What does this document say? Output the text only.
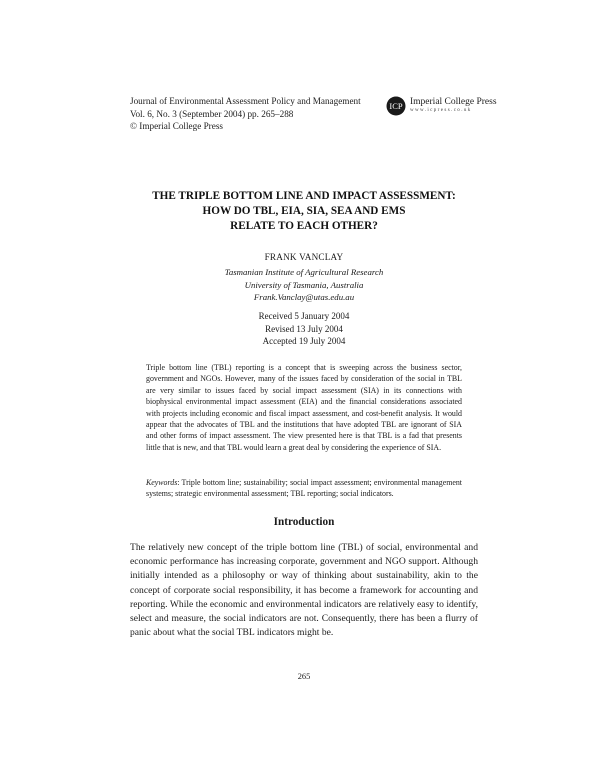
Journal of Environmental Assessment Policy and Management
Vol. 6, No. 3 (September 2004) pp. 265–288
© Imperial College Press
ICP Imperial College Press
www.icpress.co.uk
THE TRIPLE BOTTOM LINE AND IMPACT ASSESSMENT:
HOW DO TBL, EIA, SIA, SEA AND EMS
RELATE TO EACH OTHER?
FRANK VANCLAY
Tasmanian Institute of Agricultural Research
University of Tasmania, Australia
Frank.Vanclay@utas.edu.au
Received 5 January 2004
Revised 13 July 2004
Accepted 19 July 2004
Triple bottom line (TBL) reporting is a concept that is sweeping across the business sector, government and NGOs. However, many of the issues faced by consideration of the social in TBL are very similar to issues faced by social impact assessment (SIA) in its connections with biophysical environmental impact assessment (EIA) and the financial considerations associated with projects including economic and fiscal impact assessment, and cost-benefit analysis. It would appear that the advocates of TBL and the institutions that have adopted TBL are ignorant of SIA and other forms of impact assessment. The view presented here is that TBL is a fad that presents little that is new, and that TBL would learn a great deal by considering the experience of SIA.
Keywords: Triple bottom line; sustainability; social impact assessment; environmental management systems; strategic environmental assessment; TBL reporting; social indicators.
Introduction
The relatively new concept of the triple bottom line (TBL) of social, environmental and economic performance has increasing corporate, government and NGO support. Although initially intended as a philosophy or way of thinking about sustainability, akin to the concept of corporate social responsibility, it has become a framework for accounting and reporting. While the economic and environmental indicators are relatively easy to identify, select and measure, the social indicators are not. Consequently, there has been a flurry of panic about what the social TBL indicators might be.
265
